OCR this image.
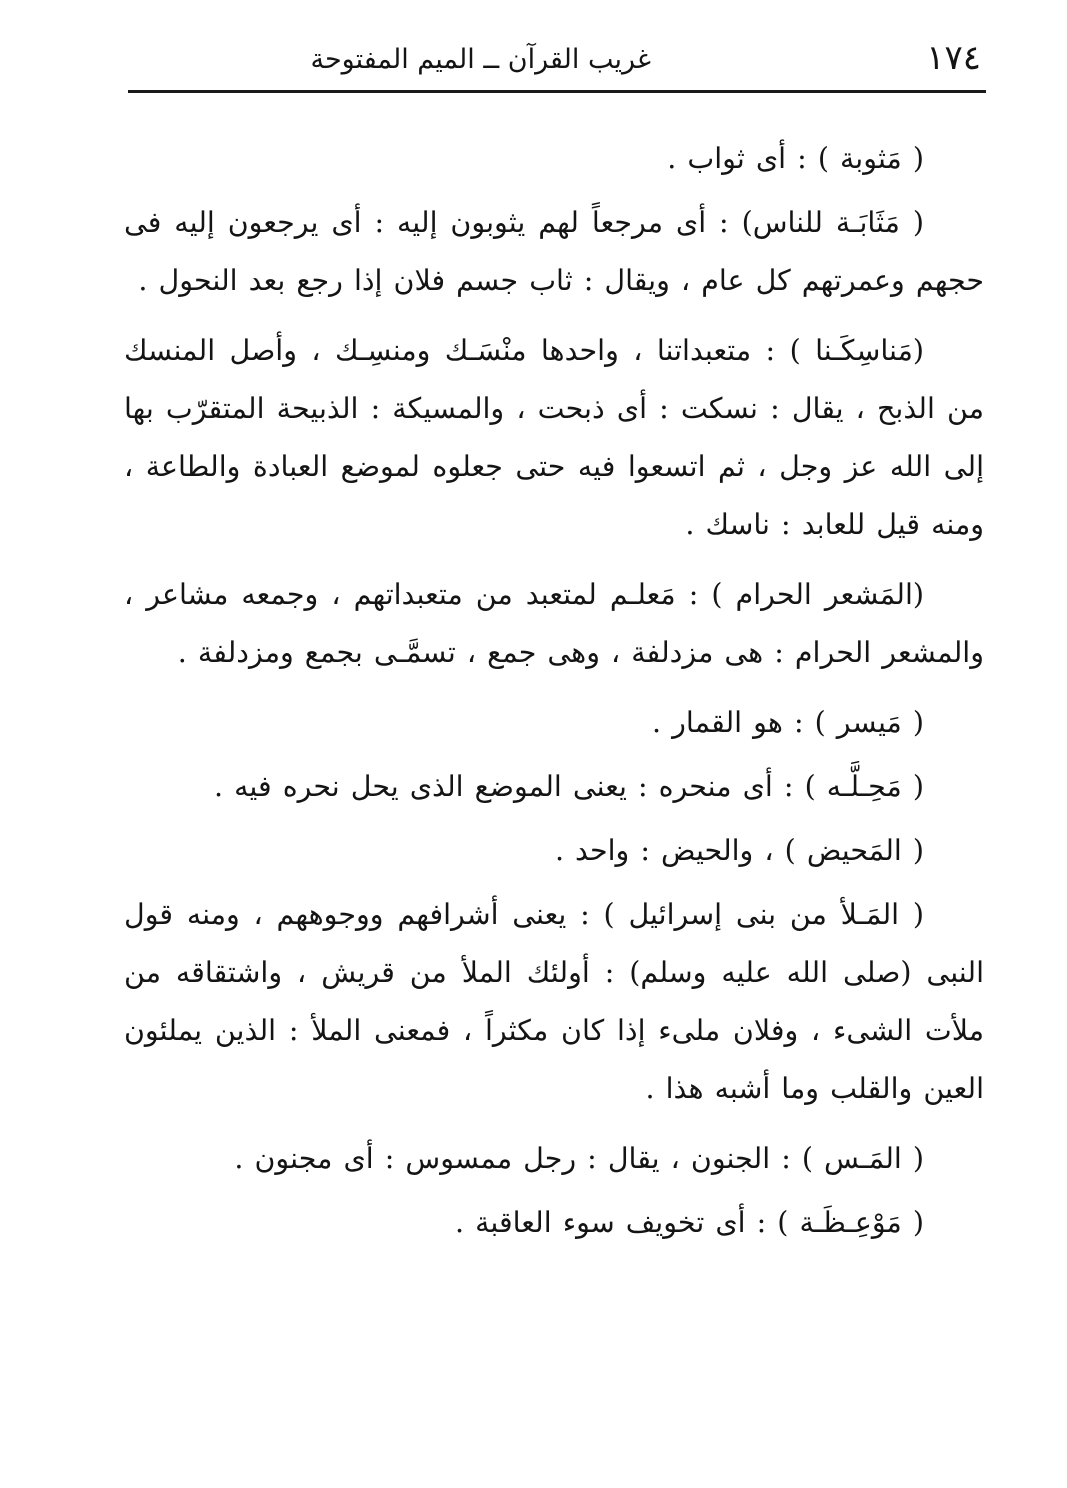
١٧٤
غريب القرآن ــ الميم المفتوحة

( مَثوبة ) : أى ثواب .

( مَثَابَـة للناس) : أى مرجعاً لهم يثوبون إليه : أى يرجعون إليه فى حجهم وعمرتهم كل عام ، ويقال : ثاب جسم فلان إذا رجع بعد النحول .

(مَناسِكَـنا ) : متعبداتنا ، واحدها منْسَـك ومنسِـك ، وأصل المنسك من الذبح ، يقال : نسكت : أى ذبحت ، والمسيكة : الذبيحة المتقرّب بها إلى الله عز وجل ، ثم اتسعوا فيه حتى جعلوه لموضع العبادة والطاعة ، ومنه قيل للعابد : ناسك .

(المَشعر الحرام ) : مَعلـم لمتعبد من متعبداتهم ، وجمعه مشاعر ، والمشعر الحرام : هى مزدلفة ، وهى جمع ، تسمَّـى بجمع ومزدلفة .

( مَيسر ) : هو القمار .

( مَحِـلَّـه ) : أى منحره : يعنى الموضع الذى يحل نحره فيه .

( المَحيض ) ، والحيض : واحد .

( المَـلأ من بنى إسرائيل ) : يعنى أشرافهم ووجوههم ، ومنه قول النبى (صلى الله عليه وسلم) : أولئك الملأ من قريش ، واشتقاقه من ملأت الشىء ، وفلان ملىء إذا كان مكثراً ، فمعنى الملأ : الذين يملئون العين والقلب وما أشبه هذا .

( المَـس ) : الجنون ، يقال : رجل ممسوس : أى مجنون .

( مَوْعِـظَـة ) : أى تخويف سوء العاقبة .
